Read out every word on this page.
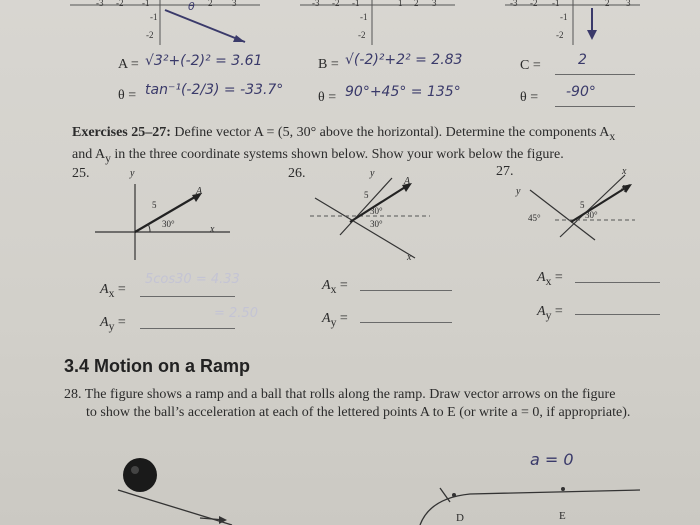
-3 -2 -1	2 3
-1
-2
θ	-3 -2 -1	1 2 3
-1
-2
-3 -2 -1	2 3
-1
-2
A = √3²+(-2)² = 3.61
θ = tan⁻¹(-2/3) = -33.7°
B = √(-2)²+2² = 2.83
θ = 90°+45° = 135°
C =	2
θ = -90°
Exercises 25–27: Define vector A = (5, 30° above the horizontal). Determine the components $A_x$
and $A_y$ in the three coordinate systems shown below. Show your work below the figure.
25.	26.	27.
y
x
A
5
30°
y
x
A
5
30°
30°
y
x
A
5
45°	30°
$A_x$ =
5cos30 = 4.33
$A_y$ =
= 2.50
$A_x$ =
$A_y$ =
$A_x$ =
$A_y$ =
3.4 Motion on a Ramp
28. The figure shows a ramp and a ball that rolls along the ramp. Draw vector arrows on the figure
to show the ball’s acceleration at each of the lettered points A to E (or write a = 0, if appropriate).
a = 0
D	E
